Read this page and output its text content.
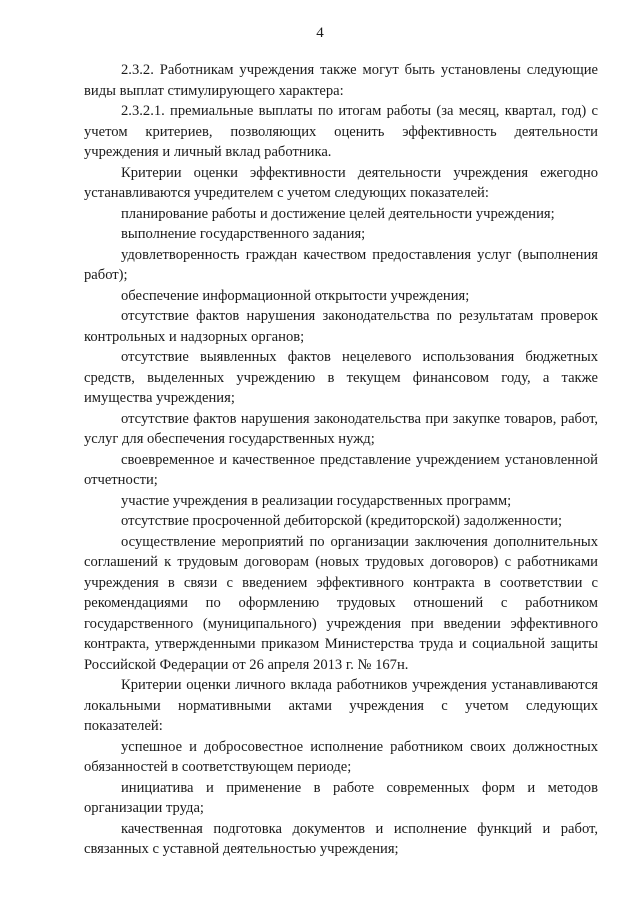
4

2.3.2. Работникам учреждения также могут быть установлены следующие виды выплат стимулирующего характера:

2.3.2.1. премиальные выплаты по итогам работы (за месяц, квартал, год) с учетом критериев, позволяющих оценить эффективность деятельности учреждения и личный вклад работника.

Критерии оценки эффективности деятельности учреждения ежегодно устанавливаются учредителем с учетом следующих показателей:

планирование работы и достижение целей деятельности учреждения;

выполнение государственного задания;

удовлетворенность граждан качеством предоставления услуг (выполнения работ);

обеспечение информационной открытости учреждения;

отсутствие фактов нарушения законодательства по результатам проверок контрольных и надзорных органов;

отсутствие выявленных фактов нецелевого использования бюджетных средств, выделенных учреждению в текущем финансовом году, а также имущества учреждения;

отсутствие фактов нарушения законодательства при закупке товаров, работ, услуг для обеспечения государственных нужд;

своевременное и качественное представление учреждением установленной отчетности;

участие учреждения в реализации государственных программ;

отсутствие просроченной дебиторской (кредиторской) задолженности;

осуществление мероприятий по организации заключения дополнительных соглашений к трудовым договорам (новых трудовых договоров) с работниками учреждения в связи с введением эффективного контракта в соответствии с рекомендациями по оформлению трудовых отношений с работником государственного (муниципального) учреждения при введении эффективного контракта, утвержденными приказом Министерства труда и социальной защиты Российской Федерации от 26 апреля 2013 г. № 167н.

Критерии оценки личного вклада работников учреждения устанавливаются локальными нормативными актами учреждения с учетом следующих показателей:

успешное и добросовестное исполнение работником своих должностных обязанностей в соответствующем периоде;

инициатива и применение в работе современных форм и методов организации труда;

качественная подготовка документов и исполнение функций и работ, связанных с уставной деятельностью учреждения;
